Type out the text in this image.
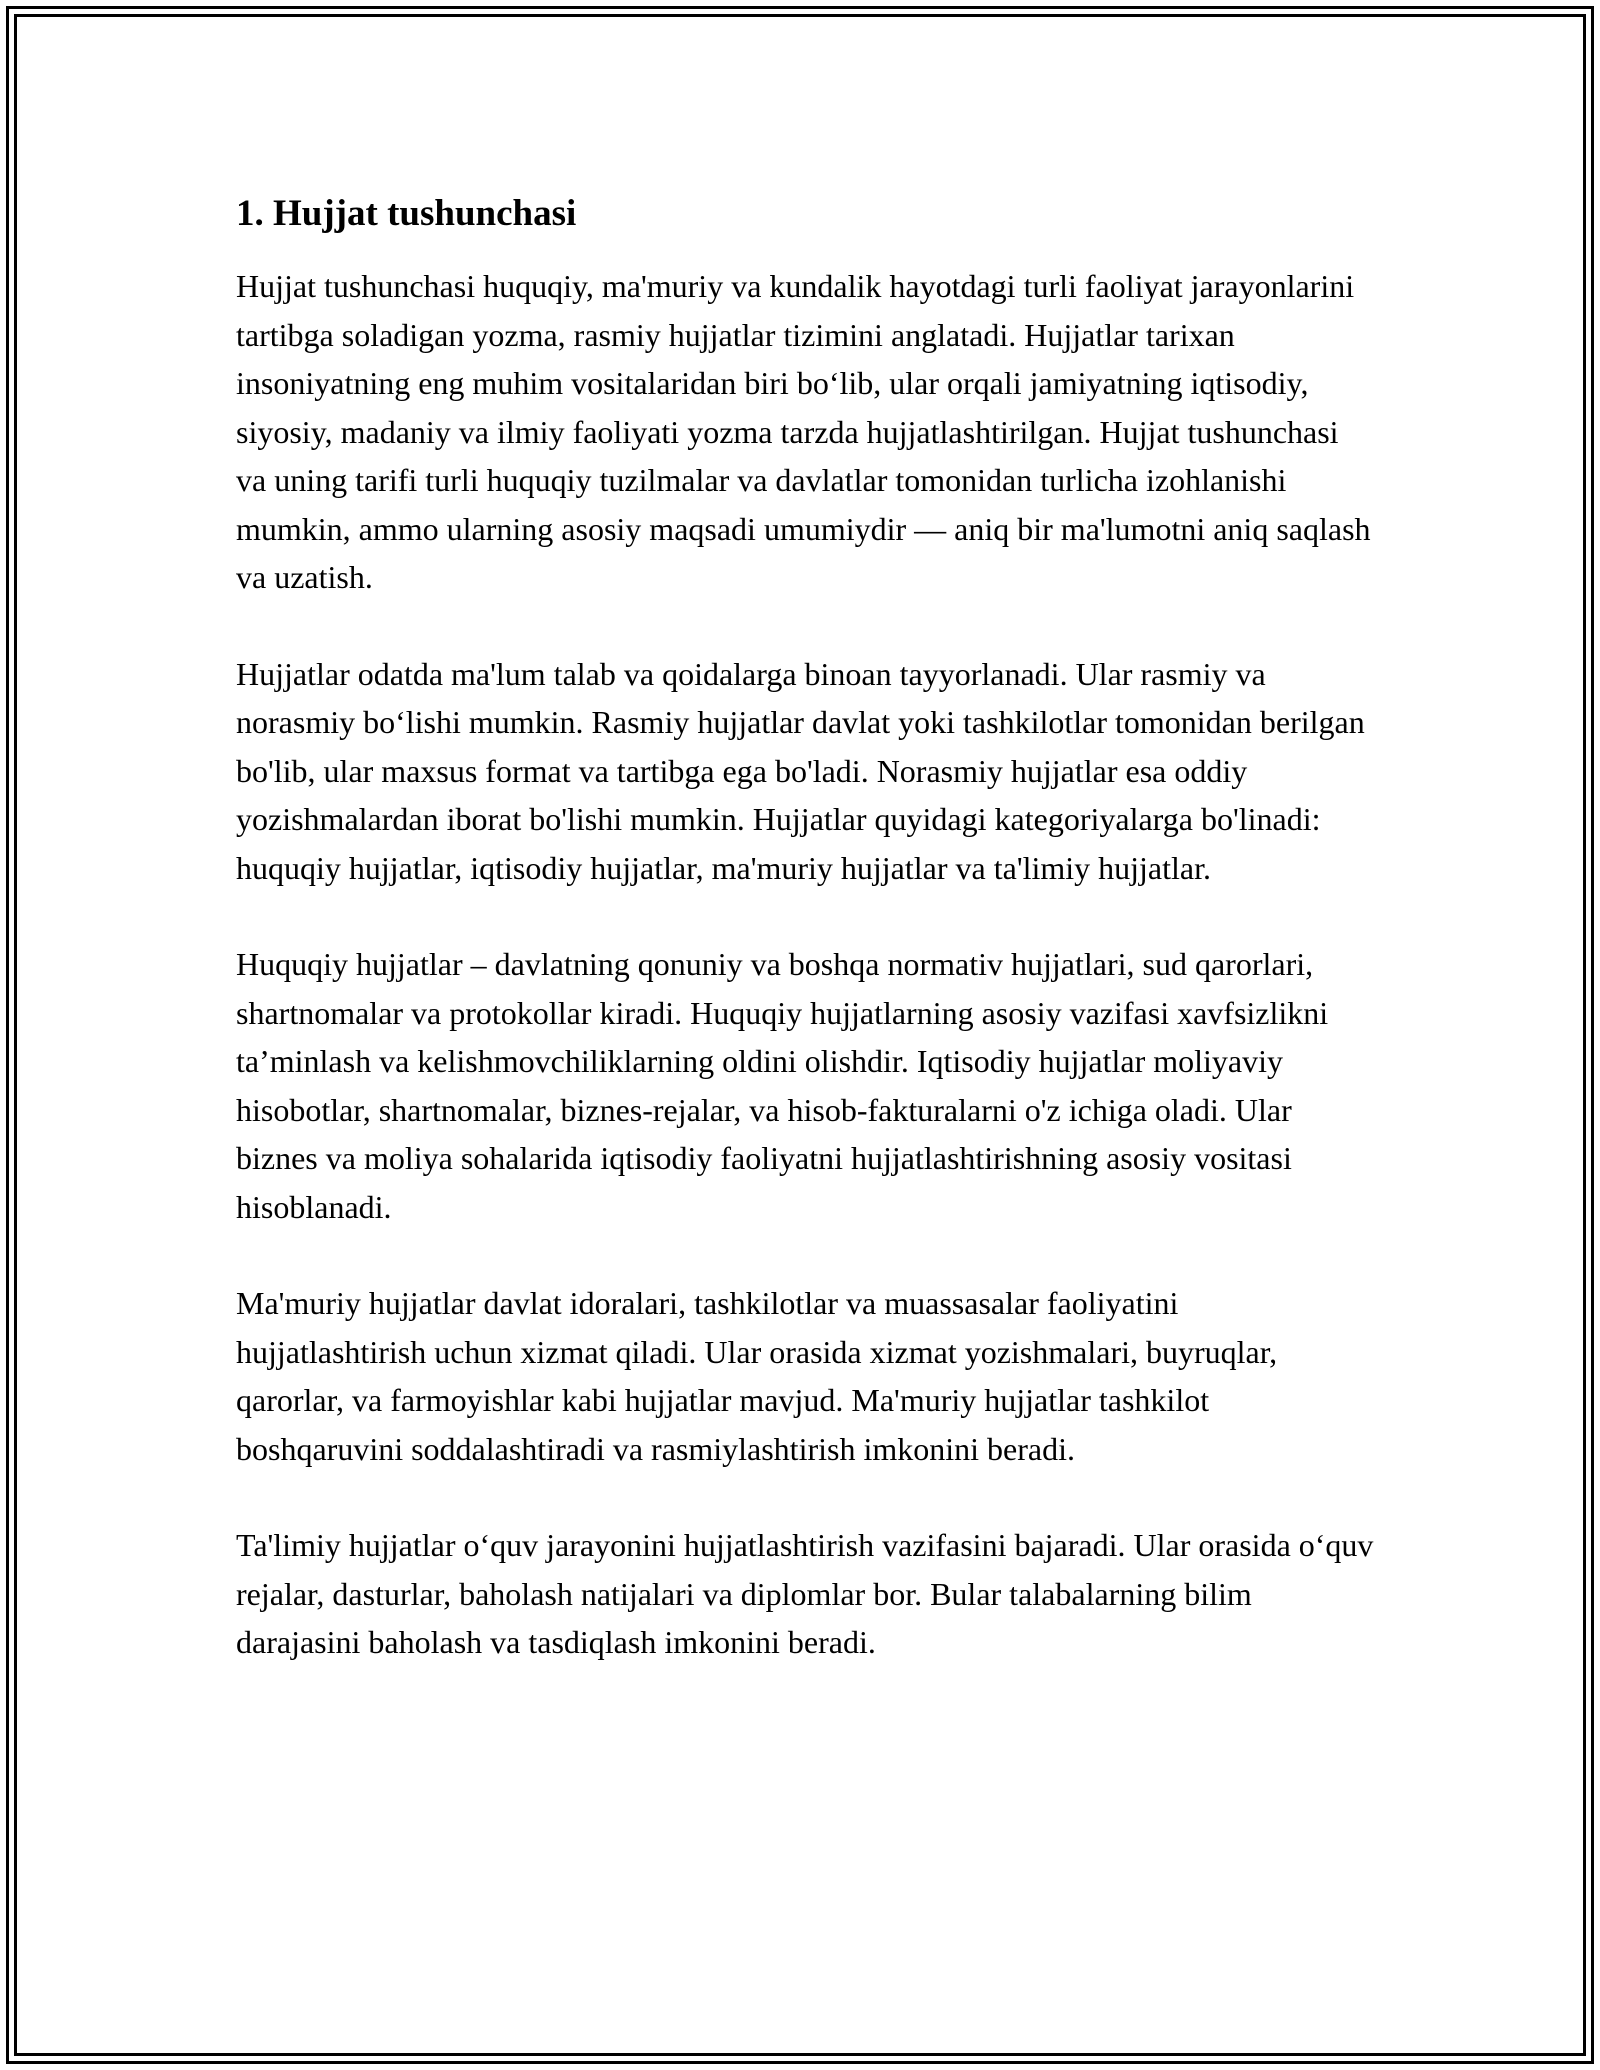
1. Hujjat tushunchasi

Hujjat tushunchasi huquqiy, ma'muriy va kundalik hayotdagi turli faoliyat jarayonlarini tartibga soladigan yozma, rasmiy hujjatlar tizimini anglatadi. Hujjatlar tarixan insoniyatning eng muhim vositalaridan biri bo‘lib, ular orqali jamiyatning iqtisodiy, siyosiy, madaniy va ilmiy faoliyati yozma tarzda hujjatlashtirilgan. Hujjat tushunchasi va uning tarifi turli huquqiy tuzilmalar va davlatlar tomonidan turlicha izohlanishi mumkin, ammo ularning asosiy maqsadi umumiydir — aniq bir ma'lumotni aniq saqlash va uzatish.

Hujjatlar odatda ma'lum talab va qoidalarga binoan tayyorlanadi. Ular rasmiy va norasmiy bo‘lishi mumkin. Rasmiy hujjatlar davlat yoki tashkilotlar tomonidan berilgan bo'lib, ular maxsus format va tartibga ega bo'ladi. Norasmiy hujjatlar esa oddiy yozishmalardan iborat bo'lishi mumkin. Hujjatlar quyidagi kategoriyalarga bo'linadi: huquqiy hujjatlar, iqtisodiy hujjatlar, ma'muriy hujjatlar va ta'limiy hujjatlar.

Huquqiy hujjatlar – davlatning qonuniy va boshqa normativ hujjatlari, sud qarorlari, shartnomalar va protokollar kiradi. Huquqiy hujjatlarning asosiy vazifasi xavfsizlikni ta’minlash va kelishmovchiliklarning oldini olishdir. Iqtisodiy hujjatlar moliyaviy hisobotlar, shartnomalar, biznes-rejalar, va hisob-fakturalarni o'z ichiga oladi. Ular biznes va moliya sohalarida iqtisodiy faoliyatni hujjatlashtirishning asosiy vositasi hisoblanadi.

Ma'muriy hujjatlar davlat idoralari, tashkilotlar va muassasalar faoliyatini hujjatlashtirish uchun xizmat qiladi. Ular orasida xizmat yozishmalari, buyruqlar, qarorlar, va farmoyishlar kabi hujjatlar mavjud. Ma'muriy hujjatlar tashkilot boshqaruvini soddalashtiradi va rasmiylashtirish imkonini beradi.

Ta'limiy hujjatlar o‘quv jarayonini hujjatlashtirish vazifasini bajaradi. Ular orasida o‘quv rejalar, dasturlar, baholash natijalari va diplomlar bor. Bular talabalarning bilim darajasini baholash va tasdiqlash imkonini beradi.
